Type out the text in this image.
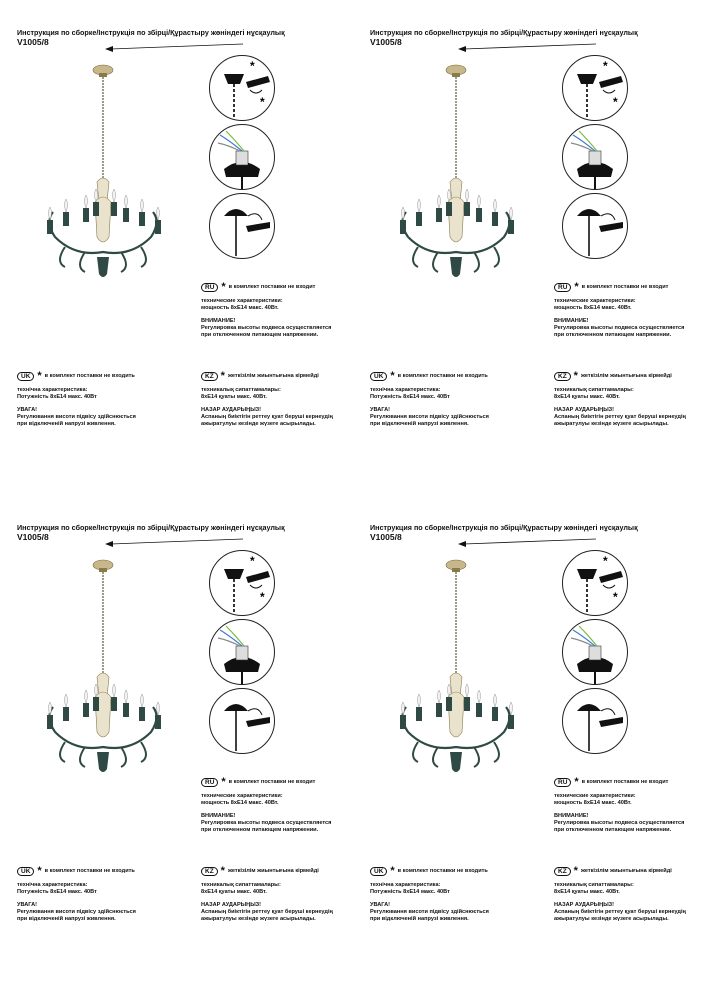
Инструкция по сборке/Інструкція по збірці/Құрастыру жөніндегі нұсқаулық
V1005/8
*
*
RU * в комплект поставки не входит
технические характеристики:
мощность 8хЕ14 макс. 40Вт.
ВНИМАНИЕ!
Регулировка высоты подвеса осуществляется
при отключенном питающем напряжении.
UK * в комплект поставки не входить
технічна характеристика:
Потужність 8хЕ14 макс. 40Вт
УВАГА!
Регулювання висоти підвісу здійснюється
при відключеній напрузі живлення.
KZ * жеткізілім жиынтығына кірмейді
техникалық сипаттамалары:
8хЕ14 қуаты макс. 40Вт.
НАЗАР АУДАРЫҢЫЗ!
Аспаның биіктігін реттеу қуат беруші кернеудің
ажыратулуы кезінде жүзеге асырылады.
Инструкция по сборке/Інструкція по збірці/Құрастыру жөніндегі нұсқаулық
V1005/8
*
*
RU * в комплект поставки не входит
технические характеристики:
мощность 8хЕ14 макс. 40Вт.
ВНИМАНИЕ!
Регулировка высоты подвеса осуществляется
при отключенном питающем напряжении.
UK * в комплект поставки не входить
технічна характеристика:
Потужність 8хЕ14 макс. 40Вт
УВАГА!
Регулювання висоти підвісу здійснюється
при відключеній напрузі живлення.
KZ * жеткізілім жиынтығына кірмейді
техникалық сипаттамалары:
8хЕ14 қуаты макс. 40Вт.
НАЗАР АУДАРЫҢЫЗ!
Аспаның биіктігін реттеу қуат беруші кернеудің
ажыратулуы кезінде жүзеге асырылады.
Инструкция по сборке/Інструкція по збірці/Құрастыру жөніндегі нұсқаулық
V1005/8
*
*
RU * в комплект поставки не входит
технические характеристики:
мощность 8хЕ14 макс. 40Вт.
ВНИМАНИЕ!
Регулировка высоты подвеса осуществляется
при отключенном питающем напряжении.
UK * в комплект поставки не входить
технічна характеристика:
Потужність 8хЕ14 макс. 40Вт
УВАГА!
Регулювання висоти підвісу здійснюється
при відключеній напрузі живлення.
KZ * жеткізілім жиынтығына кірмейді
техникалық сипаттамалары:
8хЕ14 қуаты макс. 40Вт.
НАЗАР АУДАРЫҢЫЗ!
Аспаның биіктігін реттеу қуат беруші кернеудің
ажыратулуы кезінде жүзеге асырылады.
Инструкция по сборке/Інструкція по збірці/Құрастыру жөніндегі нұсқаулық
V1005/8
*
*
RU * в комплект поставки не входит
технические характеристики:
мощность 8хЕ14 макс. 40Вт.
ВНИМАНИЕ!
Регулировка высоты подвеса осуществляется
при отключенном питающем напряжении.
UK * в комплект поставки не входить
технічна характеристика:
Потужність 8хЕ14 макс. 40Вт
УВАГА!
Регулювання висоти підвісу здійснюється
при відключеній напрузі живлення.
KZ * жеткізілім жиынтығына кірмейді
техникалық сипаттамалары:
8хЕ14 қуаты макс. 40Вт.
НАЗАР АУДАРЫҢЫЗ!
Аспаның биіктігін реттеу қуат беруші кернеудің
ажыратулуы кезінде жүзеге асырылады.
